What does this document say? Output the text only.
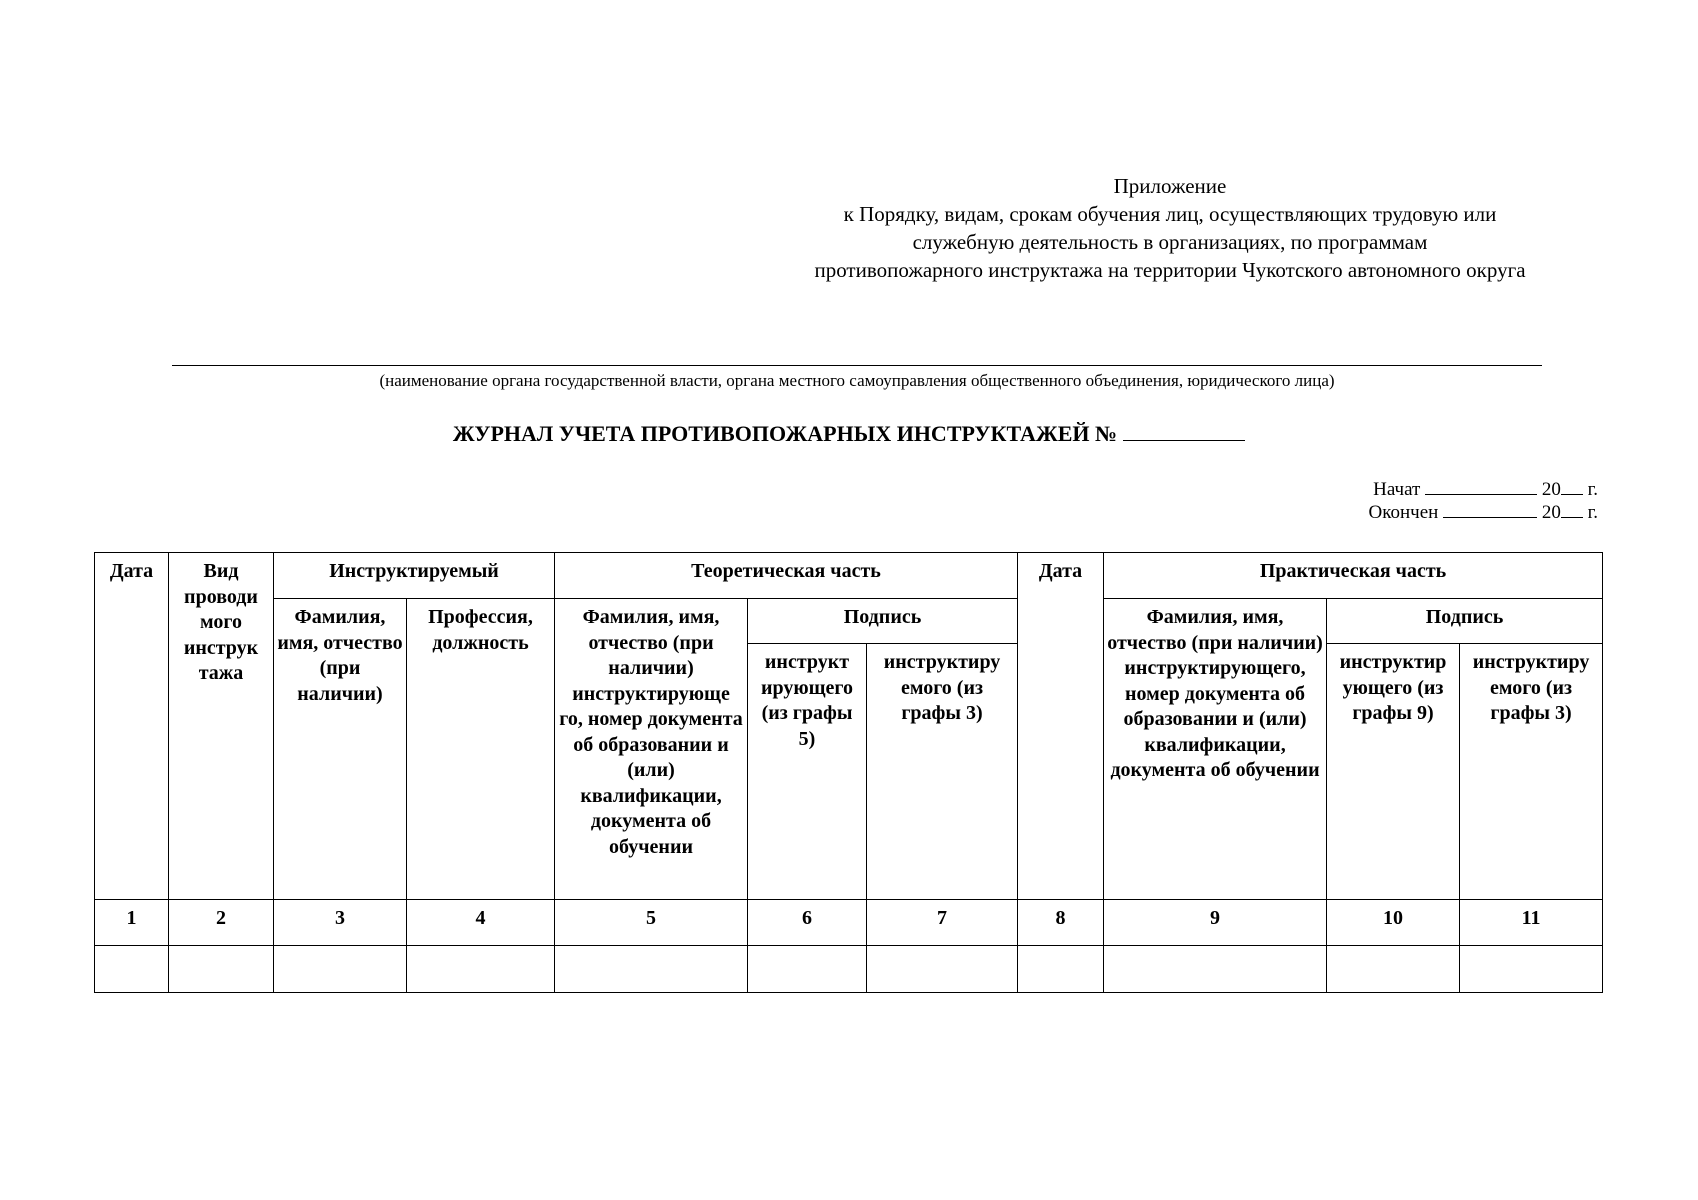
Приложение
к Порядку, видам, срокам обучения лиц, осуществляющих трудовую или
служебную деятельность в организациях, по программам
противопожарного инструктажа на территории Чукотского автономного округа
(наименование органа государственной власти, органа местного самоуправления общественного объединения, юридического лица)
ЖУРНАЛ УЧЕТА ПРОТИВОПОЖАРНЫХ ИНСТРУКТАЖЕЙ №
Начат	20 г.
Окончен	20 г.
Дата	Вид проводи мого инструк тажа	Инструктируемый		Теоретическая часть			Дата	Практическая часть		
		Фамилия, имя, отчество (при наличии)	Профессия, должность	Фамилия, имя, отчество (при наличии) инструктирующе го, номер документа об образовании и (или) квалификации, документа об обучении	Подпись			Фамилия, имя, отчество (при наличии) инструктирующего, номер документа об образовании и (или) квалификации, документа об обучении	Подпись	
					инструкт ирующего (из графы 5)	инструктиру емого (из графы 3)			инструктир ующего (из графы 9)	инструктиру емого (из графы 3)
1	2	3	4	5	6	7	8	9	10	11
